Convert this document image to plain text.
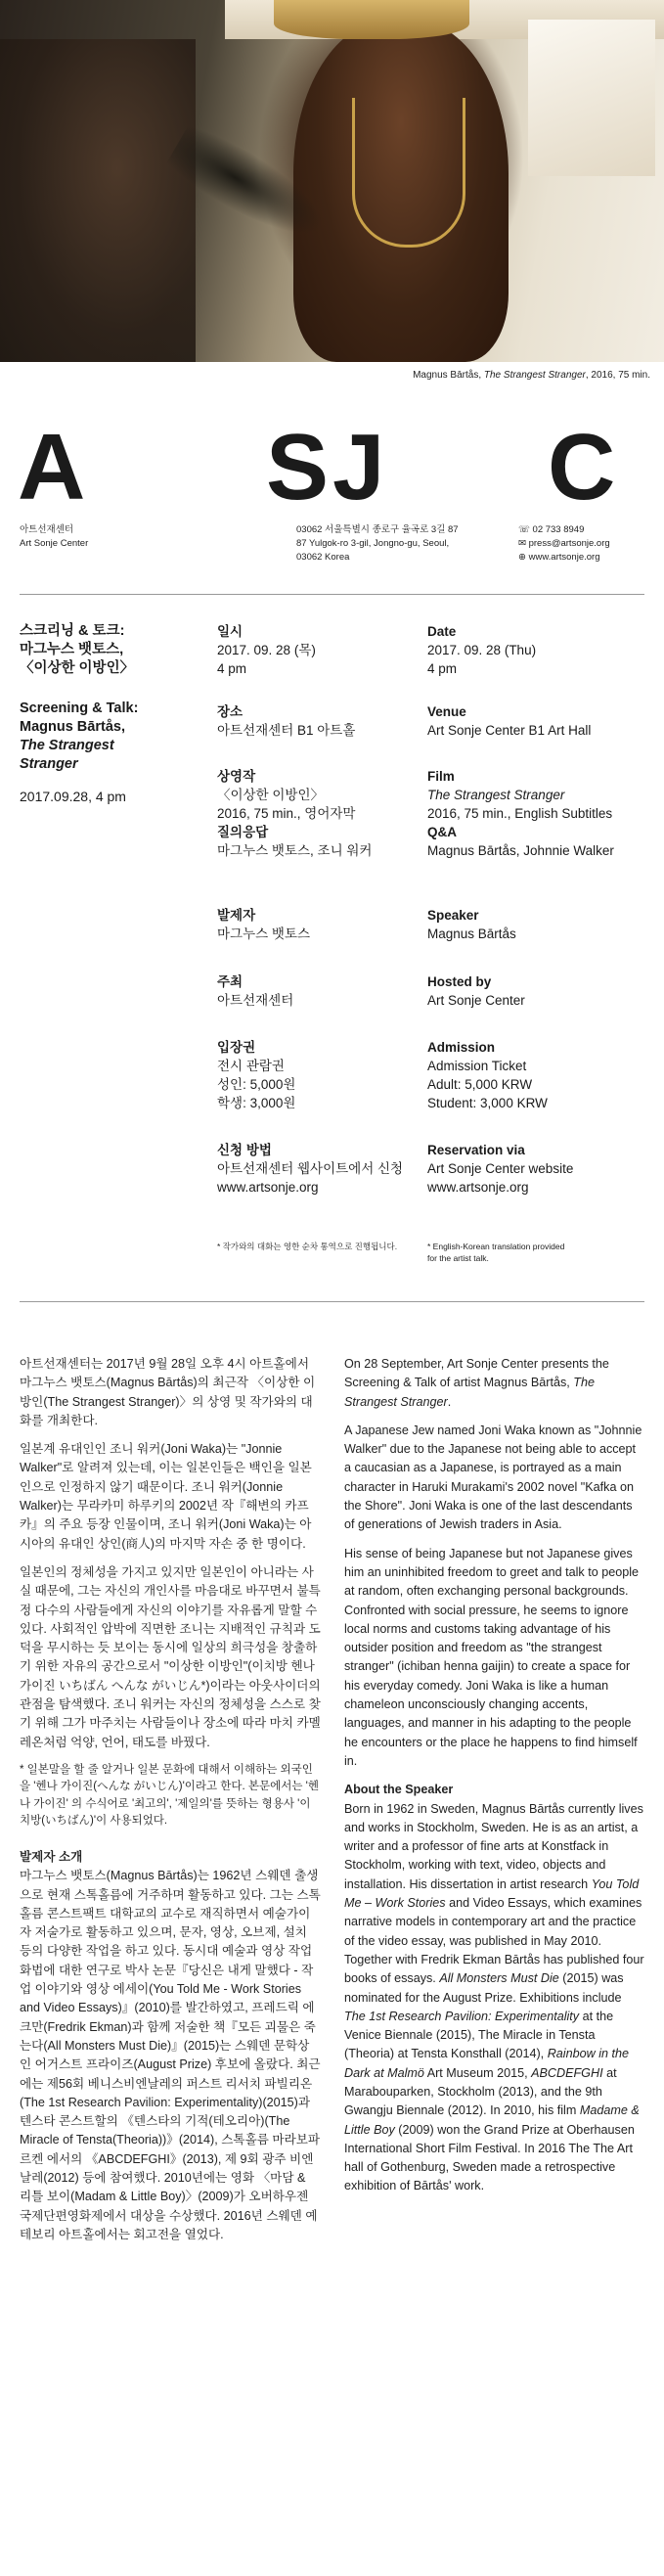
Magnus Bārtås, The Strangest Stranger, 2016, 75 min.
A SJ C
아트선재센터
Art Sonje Center
03062 서울특별시 종로구 율곡로 3길 87
87 Yulgok-ro 3-gil, Jongno-gu, Seoul,
03062 Korea
☏ 02 733 8949
✉ press@artsonje.org
⊕ www.artsonje.org
스크리닝 & 토크:
마그누스 뱃토스,
〈이상한 이방인〉
Screening & Talk:
Magnus Bārtås,
The Strangest
Stranger
2017.09.28, 4 pm
일시
2017. 09. 28 (목)
4 pm
장소
아트선재센터 B1 아트홀
상영작
〈이상한 이방인〉
2016, 75 min., 영어자막
질의응답
마그누스 뱃토스, 조니 워커
발제자
마그누스 뱃토스
주최
아트선재센터
입장권
전시 관람권
성인: 5,000원
학생: 3,000원
신청 방법
아트선재센터 웹사이트에서 신청
www.artsonje.org
* 작가와의 대화는 영한 순차 통역으로 진행됩니다.
Date
2017. 09. 28 (Thu)
4 pm
Venue
Art Sonje Center B1 Art Hall
Film
The Strangest Stranger
2016, 75 min., English Subtitles
Q&A
Magnus Bārtås, Johnnie Walker
Speaker
Magnus Bārtås
Hosted by
Art Sonje Center
Admission
Admission Ticket
Adult: 5,000 KRW
Student: 3,000 KRW
Reservation via
Art Sonje Center website
www.artsonje.org
* English-Korean translation provided
for the artist talk.

아트선재센터는 2017년 9월 28일 오후 4시 아트홀에서 마그누스 뱃토스(Magnus Bārtås)의 최근작 〈이상한 이방인(The Strangest Stranger)〉의 상영 및 작가와의 대화를 개최한다.

일본계 유대인인 조니 워커(Joni Waka)는 "Jonnie Walker"로 알려져 있는데, 이는 일본인들은 백인을 일본인으로 인정하지 않기 때문이다. 조니 워커(Jonnie Walker)는 무라카미 하루키의 2002년 작『해변의 카프카』의 주요 등장 인물이며, 조니 워커(Joni Waka)는 아시아의 유대인 상인(商人)의 마지막 자손 중 한 명이다.

일본인의 정체성을 가지고 있지만 일본인이 아니라는 사실 때문에, 그는 자신의 개인사를 마음대로 바꾸면서 불특정 다수의 사람들에게 자신의 이야기를 자유롭게 말할 수 있다. 사회적인 압박에 직면한 조니는 지배적인 규칙과 도덕을 무시하는 듯 보이는 동시에 일상의 희극성을 창출하기 위한 자유의 공간으로서 "이상한 이방인"(이치방 헨나 가이진 いちばん へんな がいじん*)이라는 아웃사이더의 관점을 탐색했다. 조니 워커는 자신의 정체성을 스스로 찾기 위해 그가 마주치는 사람들이나 장소에 따라 마치 카멜레온처럼 억양, 언어, 태도를 바꿨다.

* 일본말을 할 줄 알거나 일본 문화에 대해서 이해하는 외국인을 '헨나 가이진(へんな がいじん)'이라고 한다. 본문에서는 '헨나 가이진' 의 수식어로 '최고의', '제일의'를 뜻하는 형용사 '이치방(いちばん)'이 사용되었다.

발제자 소개

마그누스 뱃토스(Magnus Bārtås)는 1962년 스웨덴 출생으로 현재 스톡홀름에 거주하며 활동하고 있다. 그는 스톡홀름 콘스트팩트 대학교의 교수로 재직하면서 예술가이자 저술가로 활동하고 있으며, 문자, 영상, 오브제, 설치 등의 다양한 작업을 하고 있다. 동시대 예술과 영상 작업 화법에 대한 연구로 박사 논문『당신은 내게 말했다 - 작업 이야기와 영상 에세이(You Told Me - Work Stories and Video Essays)』(2010)를 발간하였고, 프레드릭 에크만(Fredrik Ekman)과 함께 저술한 책『모든 괴물은 죽는다(All Monsters Must Die)』(2015)는 스웨덴 문학상인 어거스트 프라이즈(August Prize) 후보에 올랐다. 최근에는 제56회 베니스비엔날레의 퍼스트 리서치 파빌리온(The 1st Research Pavilion: Experimentality)(2015)과 텐스타 콘스트할의 《텐스타의 기적(테오리아)(The Miracle of Tensta(Theoria))》(2014), 스톡홀름 마라보파르켄 에서의 《ABCDEFGHI》(2013), 제 9회 광주 비엔날레(2012) 등에 참여했다. 2010년에는 영화 〈마담 & 리틀 보이(Madam & Little Boy)〉(2009)가 오버하우젠 국제단편영화제에서 대상을 수상했다. 2016년 스웨덴 예테보리 아트홀에서는 회고전을 열었다.

On 28 September, Art Sonje Center presents the Screening & Talk of artist Magnus Bārtås, The Strangest Stranger.

A Japanese Jew named Joni Waka known as "Johnnie Walker" due to the Japanese not being able to accept a caucasian as a Japanese, is portrayed as a main character in Haruki Murakami's 2002 novel "Kafka on the Shore". Joni Waka is one of the last descendants of generations of Jewish traders in Asia.

His sense of being Japanese but not Japanese gives him an uninhibited freedom to greet and talk to people at random, often exchanging personal backgrounds. Confronted with social pressure, he seems to ignore local norms and customs taking advantage of his outsider position and freedom as "the strangest stranger" (ichiban henna gaijin) to create a space for his everyday comedy. Joni Waka is like a human chameleon unconsciously changing accents, languages, and manner in his adapting to the people he encounters or the place he happens to find himself in.

About the Speaker

Born in 1962 in Sweden, Magnus Bārtås currently lives and works in Stockholm, Sweden. He is as an artist, a writer and a professor of fine arts at Konstfack in Stockholm, working with text, video, objects and installation. His dissertation in artist research You Told Me – Work Stories and Video Essays, which examines narrative models in contemporary art and the practice of the video essay, was published in May 2010. Together with Fredrik Ekman Bārtås has published four books of essays. All Monsters Must Die (2015) was nominated for the August Prize. Exhibitions include The 1st Research Pavilion: Experimentality at the Venice Biennale (2015), The Miracle in Tensta (Theoria) at Tensta Konsthall (2014), Rainbow in the Dark at Malmö Art Museum 2015, ABCDEFGHI at Marabouparken, Stockholm (2013), and the 9th Gwangju Biennale (2012). In 2010, his film Madame & Little Boy (2009) won the Grand Prize at Oberhausen International Short Film Festival. In 2016 The The Art hall of Gothenburg, Sweden made a retrospective exhibition of Bārtås' work.
